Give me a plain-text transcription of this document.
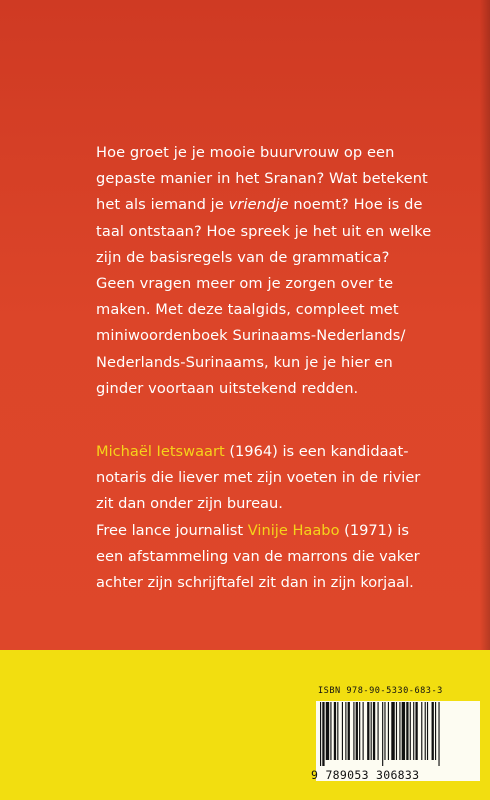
Hoe groet je je mooie buurvrouw op een

gepaste manier in het Sranan? Wat betekent

het als iemand je vriendje noemt? Hoe is de

taal ontstaan? Hoe spreek je het uit en welke

zijn de basisregels van de grammatica?

Geen vragen meer om je zorgen over te

maken. Met deze taalgids, compleet met

miniwoordenboek Surinaams-Nederlands/

Nederlands-Surinaams, kun je je hier en

ginder voortaan uitstekend redden.

Michaël Ietswaart (1964) is een kandidaat-

notaris die liever met zijn voeten in de rivier

zit dan onder zijn bureau.

Free lance journalist Vinije Haabo (1971) is

een afstammeling van de marrons die vaker

achter zijn schrijftafel zit dan in zijn korjaal.

ISBN 978-90-5330-683-3
9 789053 306833
